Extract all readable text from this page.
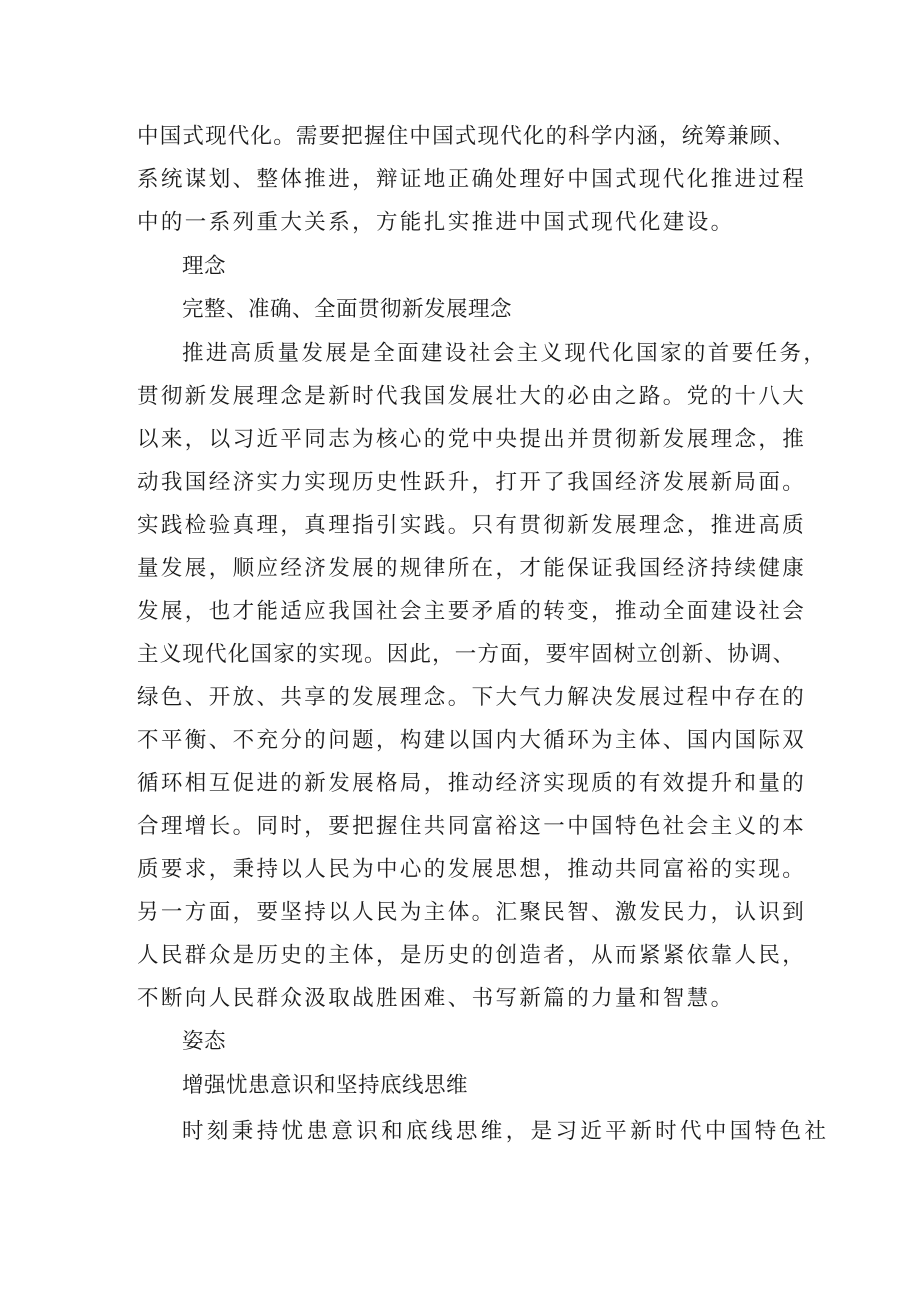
中国式现代化。需要把握住中国式现代化的科学内涵，统筹兼顾、
系统谋划、整体推进，辩证地正确处理好中国式现代化推进过程
中的一系列重大关系，方能扎实推进中国式现代化建设。
理念
完整、准确、全面贯彻新发展理念
推进高质量发展是全面建设社会主义现代化国家的首要任务，
贯彻新发展理念是新时代我国发展壮大的必由之路。党的十八大
以来，以习近平同志为核心的党中央提出并贯彻新发展理念，推
动我国经济实力实现历史性跃升，打开了我国经济发展新局面。
实践检验真理，真理指引实践。只有贯彻新发展理念，推进高质
量发展，顺应经济发展的规律所在，才能保证我国经济持续健康
发展，也才能适应我国社会主要矛盾的转变，推动全面建设社会
主义现代化国家的实现。因此，一方面，要牢固树立创新、协调、
绿色、开放、共享的发展理念。下大气力解决发展过程中存在的
不平衡、不充分的问题，构建以国内大循环为主体、国内国际双
循环相互促进的新发展格局，推动经济实现质的有效提升和量的
合理增长。同时，要把握住共同富裕这一中国特色社会主义的本
质要求，秉持以人民为中心的发展思想，推动共同富裕的实现。
另一方面，要坚持以人民为主体。汇聚民智、激发民力，认识到
人民群众是历史的主体，是历史的创造者，从而紧紧依靠人民，
不断向人民群众汲取战胜困难、书写新篇的力量和智慧。
姿态
增强忧患意识和坚持底线思维
时刻秉持忧患意识和底线思维，是习近平新时代中国特色社
